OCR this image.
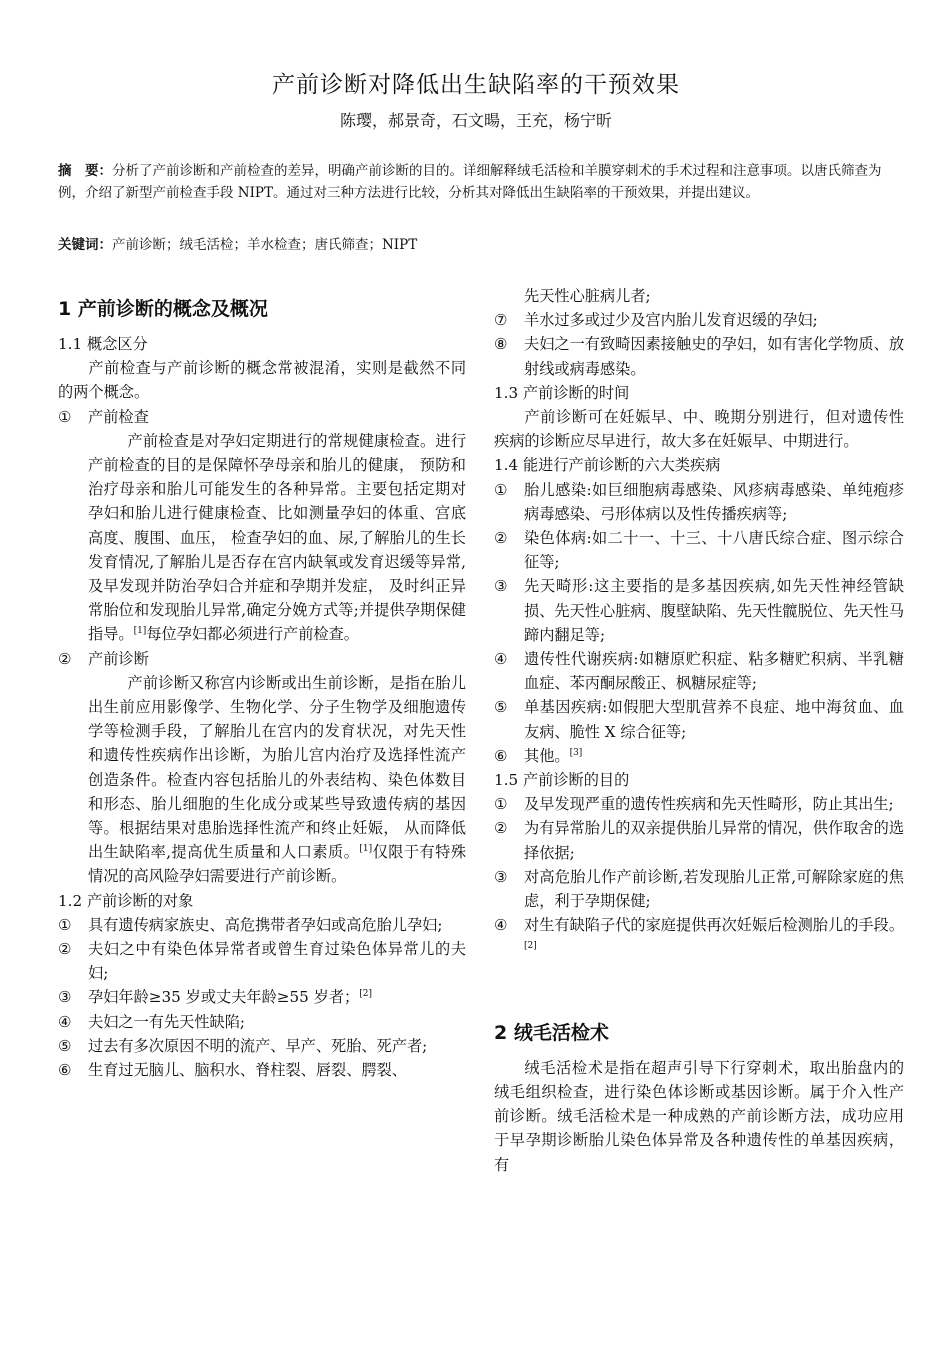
产前诊断对降低出生缺陷率的干预效果
陈璎，郝景奇，石文暘，王充，杨宁昕
摘　要：分析了产前诊断和产前检查的差异，明确产前诊断的目的。详细解释绒毛活检和羊膜穿刺术的手术过程和注意事项。以唐氏筛查为例，介绍了新型产前检查手段 NIPT。通过对三种方法进行比较，分析其对降低出生缺陷率的干预效果，并提出建议。
关键词：产前诊断；绒毛活检；羊水检查；唐氏筛查；NIPT
1 产前诊断的概念及概况

1.1 概念区分

产前检查与产前诊断的概念常被混淆，实则是截然不同的两个概念。

① 产前检查

产前检查是对孕妇定期进行的常规健康检查。进行产前检查的目的是保障怀孕母亲和胎儿的健康， 预防和治疗母亲和胎儿可能发生的各种异常。主要包括定期对孕妇和胎儿进行健康检查、比如测量孕妇的体重、宫底高度、腹围、血压， 检查孕妇的血、尿,了解胎儿的生长发育情况,了解胎儿是否存在宫内缺氧或发育迟缓等异常,及早发现并防治孕妇合并症和孕期并发症， 及时纠正异常胎位和发现胎儿异常,确定分娩方式等;并提供孕期保健指导。[1]每位孕妇都必须进行产前检查。

② 产前诊断

产前诊断又称宫内诊断或出生前诊断，是指在胎儿出生前应用影像学、生物化学、分子生物学及细胞遗传学等检测手段，了解胎儿在宫内的发育状况，对先天性和遗传性疾病作出诊断，为胎儿宫内治疗及选择性流产创造条件。检查内容包括胎儿的外表结构、染色体数目和形态、胎儿细胞的生化成分或某些导致遗传病的基因等。根据结果对患胎选择性流产和终止妊娠， 从而降低出生缺陷率,提高优生质量和人口素质。[1]仅限于有特殊情况的高风险孕妇需要进行产前诊断。

1.2 产前诊断的对象

① 具有遗传病家族史、高危携带者孕妇或高危胎儿孕妇;
② 夫妇之中有染色体异常者或曾生育过染色体异常儿的夫妇;
③ 孕妇年龄≥35 岁或丈夫年龄≥55 岁者；[2]
④ 夫妇之一有先天性缺陷;
⑤ 过去有多次原因不明的流产、早产、死胎、死产者;
⑥ 生育过无脑儿、脑积水、脊柱裂、唇裂、腭裂、

先天性心脏病儿者;

⑦ 羊水过多或过少及宫内胎儿发育迟缓的孕妇;
⑧ 夫妇之一有致畸因素接触史的孕妇，如有害化学物质、放射线或病毒感染。

1.3 产前诊断的时间

产前诊断可在妊娠早、中、晚期分别进行，但对遗传性疾病的诊断应尽早进行，故大多在妊娠早、中期进行。

1.4 能进行产前诊断的六大类疾病

① 胎儿感染:如巨细胞病毒感染、风疹病毒感染、单纯疱疹病毒感染、弓形体病以及性传播疾病等;
② 染色体病:如二十一、十三、十八唐氏综合症、图示综合征等;
③ 先天畸形:这主要指的是多基因疾病,如先天性神经管缺损、先天性心脏病、腹壁缺陷、先天性髋脱位、先天性马蹄内翻足等;
④ 遗传性代谢疾病:如糖原贮积症、粘多糖贮积病、半乳糖血症、苯丙酮尿酸正、枫糖尿症等;
⑤ 单基因疾病:如假肥大型肌营养不良症、地中海贫血、血友病、脆性 X 综合征等;
⑥ 其他。[3]

1.5 产前诊断的目的

① 及早发现严重的遗传性疾病和先天性畸形，防止其出生;
② 为有异常胎儿的双亲提供胎儿异常的情况，供作取舍的选择依据;
③ 对高危胎儿作产前诊断,若发现胎儿正常,可解除家庭的焦虑，利于孕期保健;
④ 对生有缺陷子代的家庭提供再次妊娠后检测胎儿的手段。[2]
2 绒毛活检术

绒毛活检术是指在超声引导下行穿刺术，取出胎盘内的绒毛组织检查，进行染色体诊断或基因诊断。属于介入性产前诊断。绒毛活检术是一种成熟的产前诊断方法，成功应用于早孕期诊断胎儿染色体异常及各种遗传性的单基因疾病，有
